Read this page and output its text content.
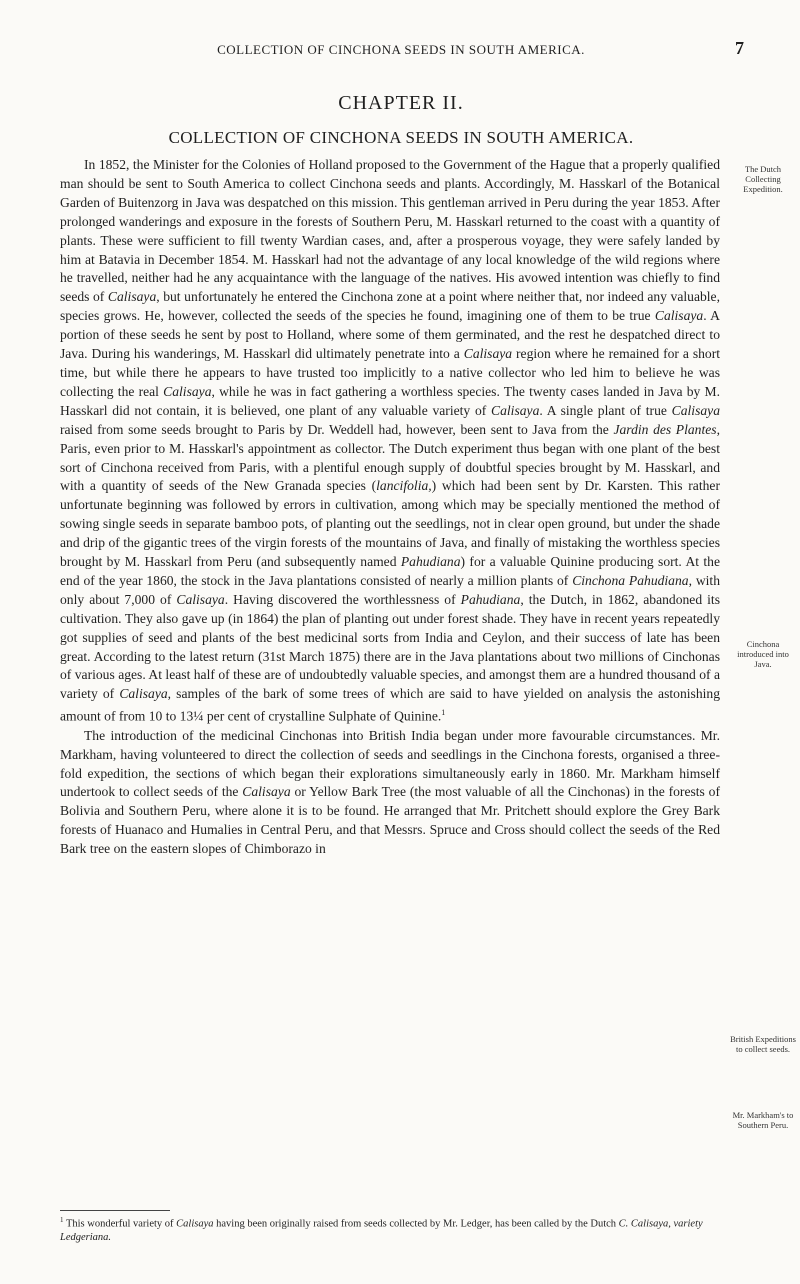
COLLECTION OF CINCHONA SEEDS IN SOUTH AMERICA.	7
CHAPTER II.
COLLECTION OF CINCHONA SEEDS IN SOUTH AMERICA.

In 1852, the Minister for the Colonies of Holland proposed to the Government of the Hague that a properly qualified man should be sent to South America to collect Cinchona seeds and plants. Accordingly, M. Hasskarl of the Botanical Garden of Buitenzorg in Java was despatched on this mission. This gentleman arrived in Peru during the year 1853. After prolonged wanderings and exposure in the forests of Southern Peru, M. Hasskarl returned to the coast with a quantity of plants. These were sufficient to fill twenty Wardian cases, and, after a prosperous voyage, they were safely landed by him at Batavia in December 1854. M. Hasskarl had not the advantage of any local knowledge of the wild regions where he travelled, neither had he any acquaintance with the language of the natives. His avowed intention was chiefly to find seeds of Calisaya, but unfortunately he entered the Cinchona zone at a point where neither that, nor indeed any valuable, species grows. He, however, collected the seeds of the species he found, imagining one of them to be true Calisaya. A portion of these seeds he sent by post to Holland, where some of them germinated, and the rest he despatched direct to Java. During his wanderings, M. Hasskarl did ultimately penetrate into a Calisaya region where he remained for a short time, but while there he appears to have trusted too implicitly to a native collector who led him to believe he was collecting the real Calisaya, while he was in fact gathering a worthless species. The twenty cases landed in Java by M. Hasskarl did not contain, it is believed, one plant of any valuable variety of Calisaya. A single plant of true Calisaya raised from some seeds brought to Paris by Dr. Weddell had, however, been sent to Java from the Jardin des Plantes, Paris, even prior to M. Hasskarl's appointment as collector. The Dutch experiment thus began with one plant of the best sort of Cinchona received from Paris, with a plentiful enough supply of doubtful species brought by M. Hasskarl, and with a quantity of seeds of the New Granada species (lancifolia,) which had been sent by Dr. Karsten. This rather unfortunate beginning was followed by errors in cultivation, among which may be specially mentioned the method of sowing single seeds in separate bamboo pots, of planting out the seedlings, not in clear open ground, but under the shade and drip of the gigantic trees of the virgin forests of the mountains of Java, and finally of mistaking the worthless species brought by M. Hasskarl from Peru (and subsequently named Pahudiana) for a valuable Quinine producing sort. At the end of the year 1860, the stock in the Java plantations consisted of nearly a million plants of Cinchona Pahudiana, with only about 7,000 of Calisaya. Having discovered the worthlessness of Pahudiana, the Dutch, in 1862, abandoned its cultivation. They also gave up (in 1864) the plan of planting out under forest shade. They have in recent years repeatedly got supplies of seed and plants of the best medicinal sorts from India and Ceylon, and their success of late has been great. According to the latest return (31st March 1875) there are in the Java plantations about two millions of Cinchonas of various ages. At least half of these are of undoubtedly valuable species, and amongst them are a hundred thousand of a variety of Calisaya, samples of the bark of some trees of which are said to have yielded on analysis the astonishing amount of from 10 to 13¼ per cent of crystalline Sulphate of Quinine.$^1$

The introduction of the medicinal Cinchonas into British India began under more favourable circumstances. Mr. Markham, having volunteered to direct the collection of seeds and seedlings in the Cinchona forests, organised a three-fold expedition, the sections of which began their explorations simultaneously early in 1860. Mr. Markham himself undertook to collect seeds of the Calisaya or Yellow Bark Tree (the most valuable of all the Cinchonas) in the forests of Bolivia and Southern Peru, where alone it is to be found. He arranged that Mr. Pritchett should explore the Grey Bark forests of Huanaco and Humalies in Central Peru, and that Messrs. Spruce and Cross should collect the seeds of the Red Bark tree on the eastern slopes of Chimborazo in

The Dutch Collecting Expedition.
Cinchona introduced into Java.
British Expeditions to collect seeds.
Mr. Markham's to Southern Peru.
$^1$ This wonderful variety of Calisaya having been originally raised from seeds collected by Mr. Ledger, has been called by the Dutch C. Calisaya, variety Ledgeriana.
